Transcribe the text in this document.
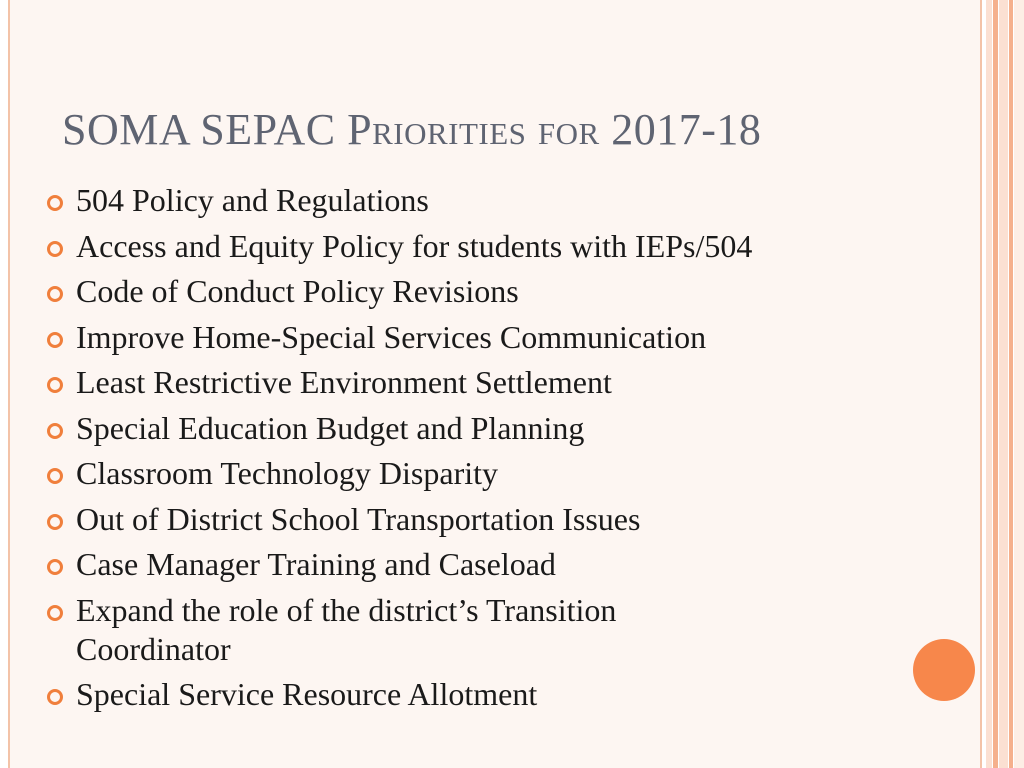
SOMA SEPAC Priorities for 2017-18
504 Policy and Regulations
Access and Equity Policy for students with IEPs/504
Code of Conduct Policy Revisions
Improve Home-Special Services Communication
Least Restrictive Environment Settlement
Special Education Budget and Planning
Classroom Technology Disparity
Out of District School Transportation Issues
Case Manager Training and Caseload
Expand the role of the district’s Transition Coordinator
Special Service Resource Allotment
